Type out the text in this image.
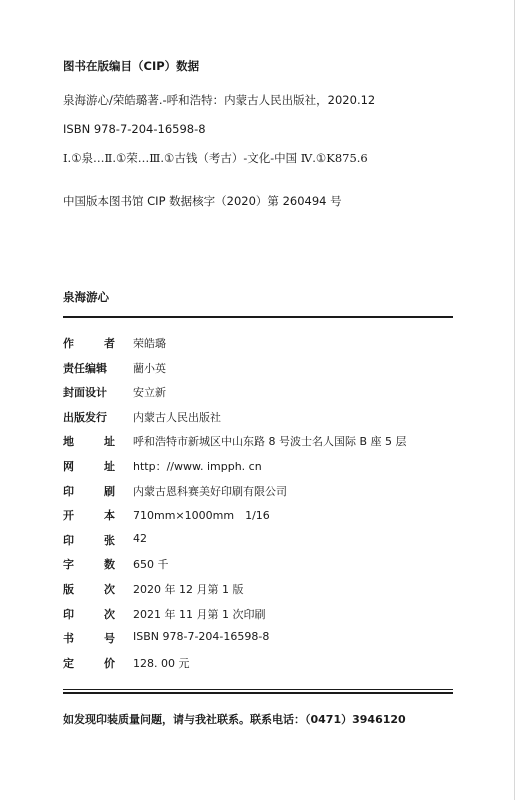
图书在版编目（CIP）数据
泉海游心/荣皓璐著.-呼和浩特：内蒙古人民出版社，2020.12
ISBN 978-7-204-16598-8
Ⅰ.①泉…Ⅱ.①荣…Ⅲ.①古钱（考古）-文化-中国 Ⅳ.①K875.6
中国版本图书馆 CIP 数据核字（2020）第 260494 号
泉海游心
作	者 荣皓璐
责任编辑	藺小英
封面设计	安立新
出版发行	内蒙古人民出版社
地	址 呼和浩特市新城区中山东路 8 号波士名人国际 B 座 5 层
网	址 http：//www. impph. cn
印	刷 内蒙古恩科赛美好印刷有限公司
开	本 710mm×1000mm　1/16
印	张 42
字	数 650 千
版	次 2020 年 12 月第 1 版
印	次 2021 年 11 月第 1 次印刷
书	号 ISBN 978-7-204-16598-8
定	价 128. 00 元
如发现印装质量问题，请与我社联系。联系电话：（0471）3946120
